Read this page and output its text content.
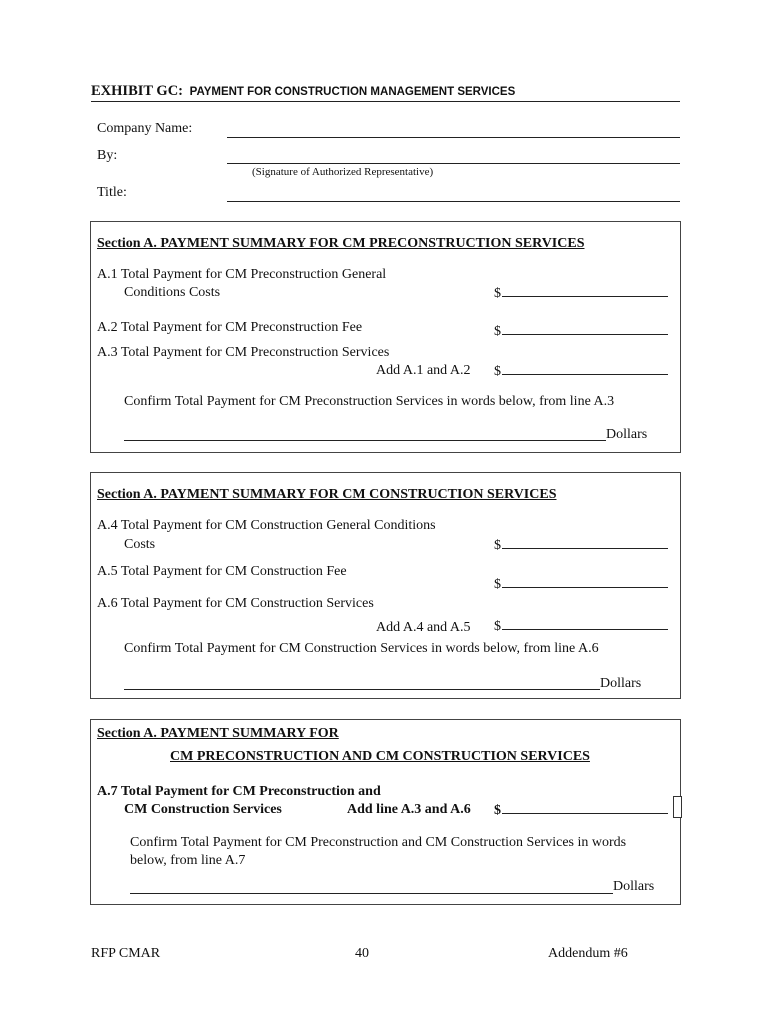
EXHIBIT GC: PAYMENT FOR CONSTRUCTION MANAGEMENT SERVICES
Company Name:
By:
(Signature of Authorized Representative)
Title:
Section A. PAYMENT SUMMARY FOR CM PRECONSTRUCTION SERVICES
A.1 Total Payment for CM Preconstruction General
Conditions Costs	$
A.2 Total Payment for CM Preconstruction Fee	$
A.3 Total Payment for CM Preconstruction Services
Add A.1 and A.2 $
Confirm Total Payment for CM Preconstruction Services in words below, from line A.3
Dollars
Section A. PAYMENT SUMMARY FOR CM CONSTRUCTION SERVICES
A.4 Total Payment for CM Construction General Conditions
Costs	$
A.5 Total Payment for CM Construction Fee
$
A.6 Total Payment for CM Construction Services
Add A.4 and A.5 $
Confirm Total Payment for CM Construction Services in words below, from line A.6
Dollars
Section A. PAYMENT SUMMARY FOR
CM PRECONSTRUCTION AND CM CONSTRUCTION SERVICES
A.7 Total Payment for CM Preconstruction and
CM Construction Services	Add line A.3 and A.6 $
Confirm Total Payment for CM Preconstruction and CM Construction Services in words
below, from line A.7
Dollars
RFP CMAR	40	Addendum #6
